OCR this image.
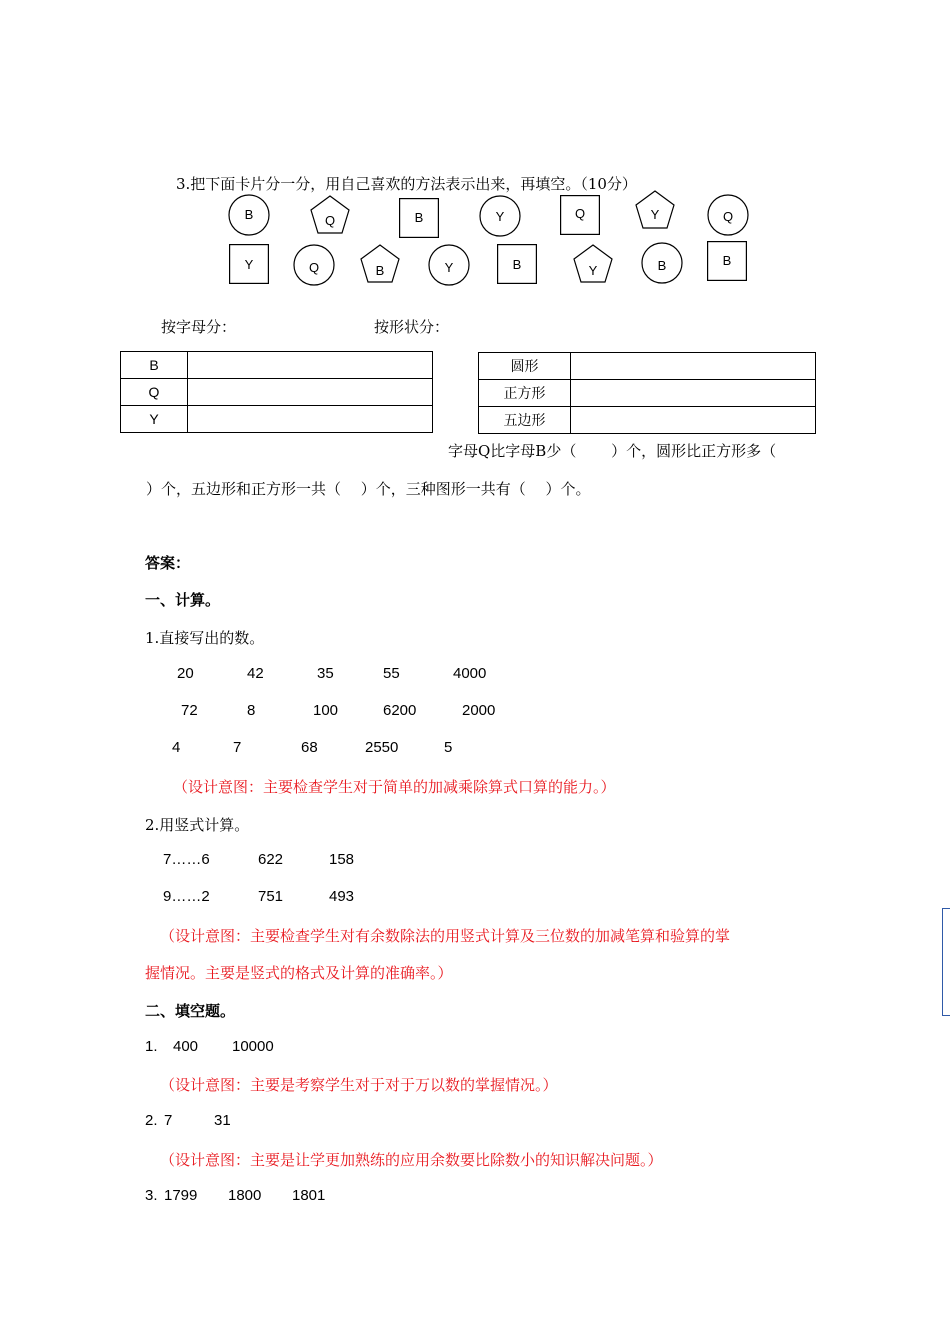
3.把下面卡片分一分，用自己喜欢的方法表示出来，再填空。（10分）
B	Q	B	Y	Q	Y	Q
Y	Q	B	Y	B	Y	B	B
按字母分：	按形状分：
B	
Q	
Y	
圆形	
正方形	
五边形	
字母Q比字母B少（　　 ）个，圆形比正方形多（
）个，五边形和正方形一共（　 ）个，三种图形一共有（　 ）个。
答案：
一、计算。
1.直接写出的数。
20	42	35	55	4000
72	8	100	6200	2000
4	7	68	2550	5
（设计意图：主要检查学生对于简单的加减乘除算式口算的能力。）
2.用竖式计算。
7……6	622	158
9……2	751	493
（设计意图：主要检查学生对有余数除法的用竖式计算及三位数的加减笔算和验算的掌
握情况。主要是竖式的格式及计算的准确率。）
二、填空题。
1. 400 10000
（设计意图：主要是考察学生对于对于万以数的掌握情况。）
2. 7	31
（设计意图：主要是让学更加熟练的应用余数要比除数小的知识解决问题。）
3. 1799 1800 1801
